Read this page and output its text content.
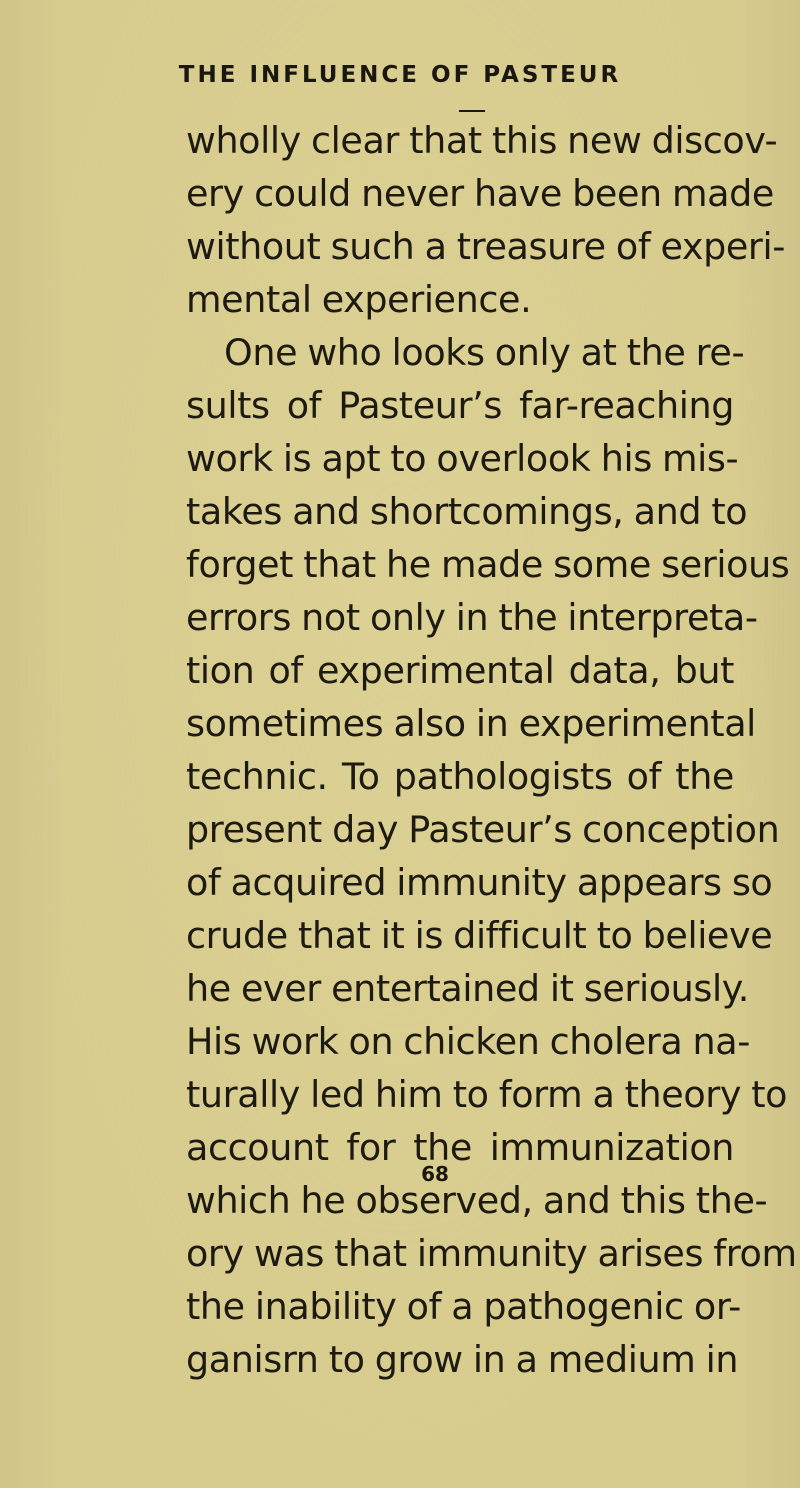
THE INFLUENCE OF PASTEUR
wholly clear that this new discov-
ery could never have been made
without such a treasure of experi-
mental experience.
One who looks only at the re-
sults of Pasteur’s far-reaching
work is apt to overlook his mis-
takes and shortcomings, and to
forget that he made some serious
errors not only in the interpreta-
tion of experimental data, but
sometimes also in experimental
technic. To pathologists of the
present day Pasteur’s conception
of acquired immunity appears so
crude that it is difficult to believe
he ever entertained it seriously.
His work on chicken cholera na-
turally led him to form a theory to
account for the immunization
which he observed, and this the-
ory was that immunity arises from
the inability of a pathogenic or-
ganisrn to grow in a medium in
68
